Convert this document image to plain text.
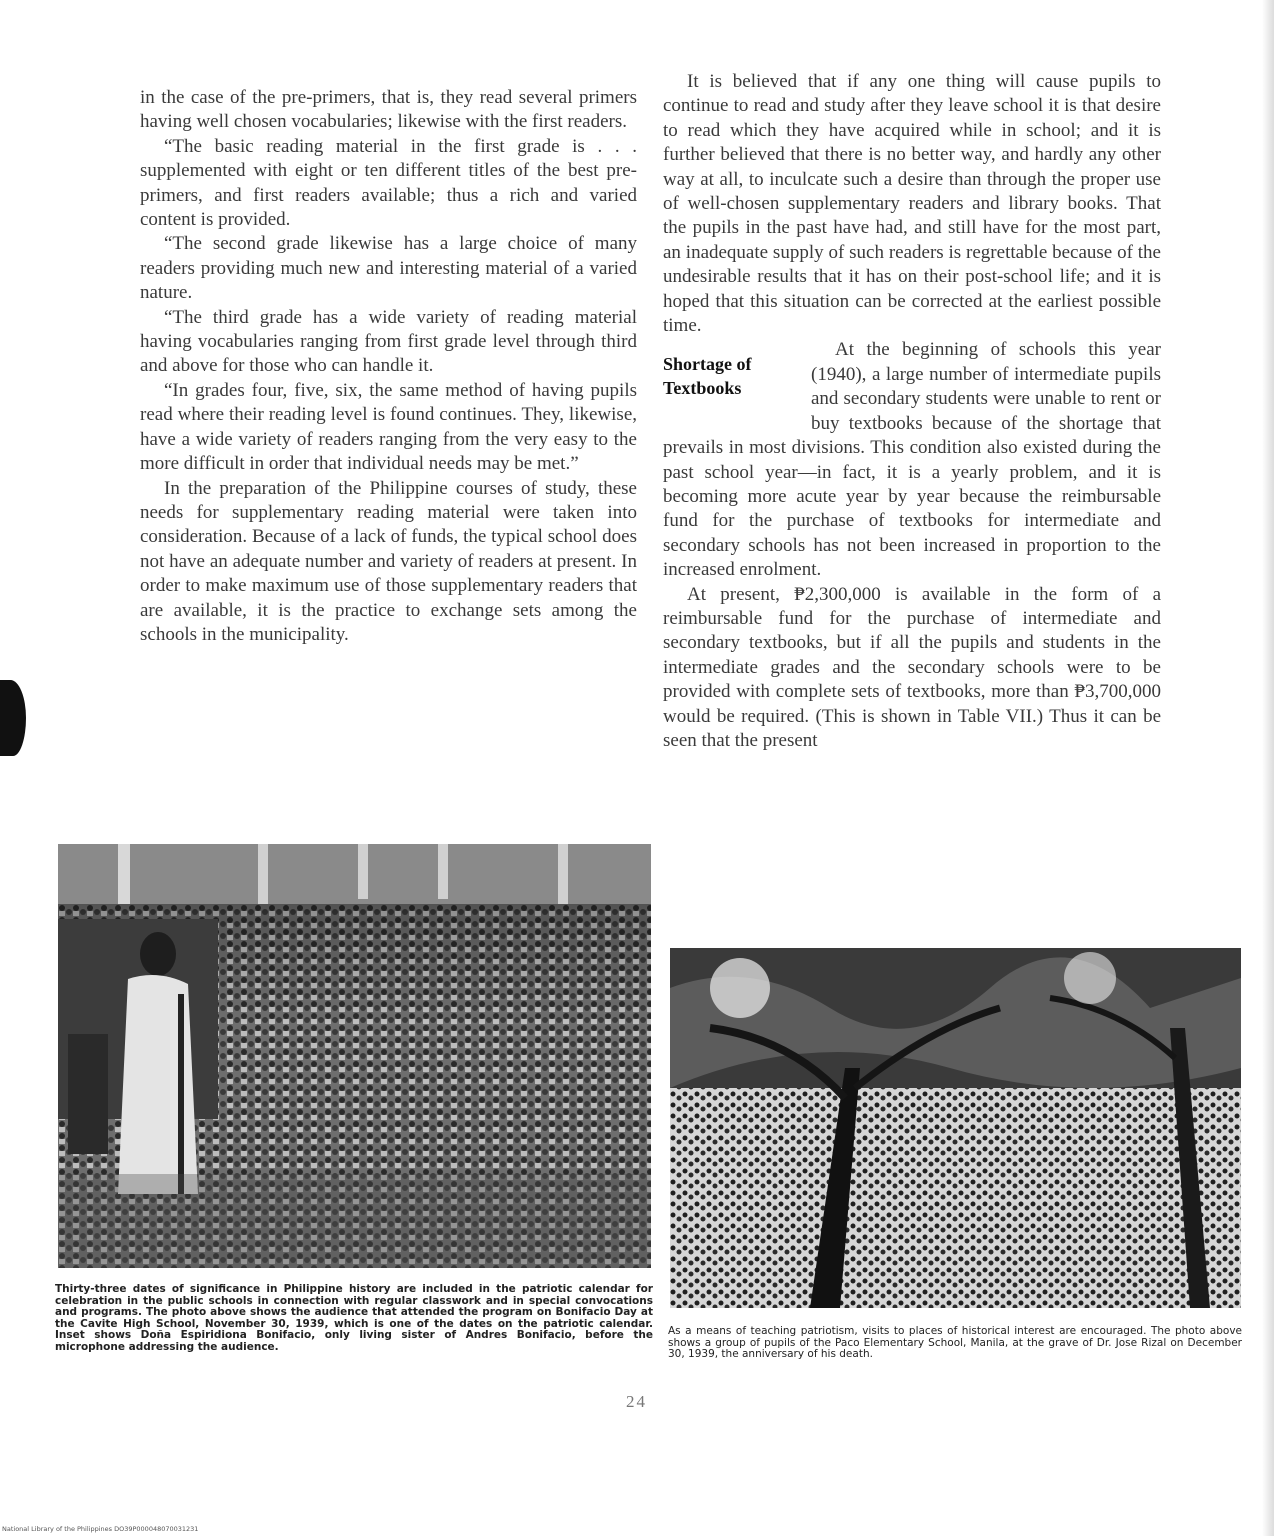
in the case of the pre-primers, that is, they read several primers having well chosen vocabularies; likewise with the first readers.

“The basic reading material in the first grade is . . . supplemented with eight or ten different titles of the best pre-primers, and first readers available; thus a rich and varied content is provided.

“The second grade likewise has a large choice of many readers providing much new and interesting material of a varied nature.

“The third grade has a wide variety of reading material having vocabularies ranging from first grade level through third and above for those who can handle it.

“In grades four, five, six, the same method of having pupils read where their reading level is found continues. They, likewise, have a wide variety of readers ranging from the very easy to the more difficult in order that individual needs may be met.”

In the preparation of the Philippine courses of study, these needs for supplementary reading material were taken into consideration. Because of a lack of funds, the typical school does not have an adequate number and variety of readers at present. In order to make maximum use of those supplementary readers that are available, it is the practice to exchange sets among the schools in the municipality.

It is believed that if any one thing will cause pupils to continue to read and study after they leave school it is that desire to read which they have acquired while in school; and it is further believed that there is no better way, and hardly any other way at all, to inculcate such a desire than through the proper use of well-chosen supplementary readers and library books. That the pupils in the past have had, and still have for the most part, an inadequate supply of such readers is regrettable because of the undesirable results that it has on their post-school life; and it is hoped that this situation can be corrected at the earliest possible time.

Shortage of Textbooks

At the beginning of schools this year (1940), a large number of intermediate pupils and secondary students were unable to rent or buy textbooks because of the shortage that prevails in most divisions. This condition also existed during the past school year—in fact, it is a yearly problem, and it is becoming more acute year by year because the reimbursable fund for the purchase of textbooks for intermediate and secondary schools has not been increased in proportion to the increased enrolment.

At present, ₱2,300,000 is available in the form of a reimbursable fund for the purchase of intermediate and secondary textbooks, but if all the pupils and students in the intermediate grades and the secondary schools were to be provided with complete sets of textbooks, more than ₱3,700,000 would be required. (This is shown in Table VII.) Thus it can be seen that the present

Thirty-three dates of significance in Philippine history are included in the patriotic calendar for celebration in the public schools in connection with regular classwork and in special convocations and programs. The photo above shows the audience that attended the program on Bonifacio Day at the Cavite High School, November 30, 1939, which is one of the dates on the patriotic calendar. Inset shows Doña Espiridiona Bonifacio, only living sister of Andres Bonifacio, before the microphone addressing the audience.
As a means of teaching patriotism, visits to places of historical interest are encouraged. The photo above shows a group of pupils of the Paco Elementary School, Manila, at the grave of Dr. Jose Rizal on December 30, 1939, the anniversary of his death.
24
National Library of the Philippines DO39P000048070031231
